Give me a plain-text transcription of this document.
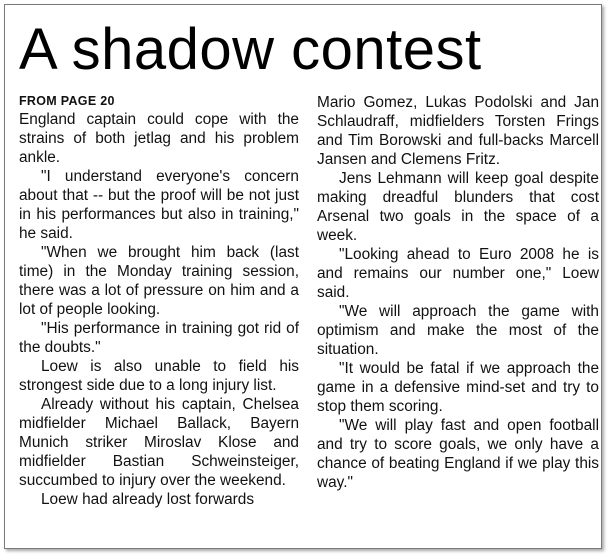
A shadow contest
FROM PAGE 20

England captain could cope with the strains of both jetlag and his problem ankle.

"I understand everyone's concern about that -- but the proof will be not just in his performances but also in training," he said.

"When we brought him back (last time) in the Monday training session, there was a lot of pressure on him and a lot of people looking.

"His performance in training got rid of the doubts."

Loew is also unable to field his strongest side due to a long injury list.

Already without his captain, Chelsea midfielder Michael Ballack, Bayern Munich striker Miroslav Klose and midfielder Bastian Schweinsteiger, succumbed to injury over the weekend.

Loew had already lost forwards

Mario Gomez, Lukas Podolski and Jan Schlaudraff, midfielders Torsten Frings and Tim Borowski and full-backs Marcell Jansen and Clemens Fritz.

Jens Lehmann will keep goal despite making dreadful blunders that cost Arsenal two goals in the space of a week.

"Looking ahead to Euro 2008 he is and remains our number one," Loew said.

"We will approach the game with optimism and make the most of the situation.

"It would be fatal if we approach the game in a defensive mind-set and try to stop them scoring.

"We will play fast and open football and try to score goals, we only have a chance of beating England if we play this way."
